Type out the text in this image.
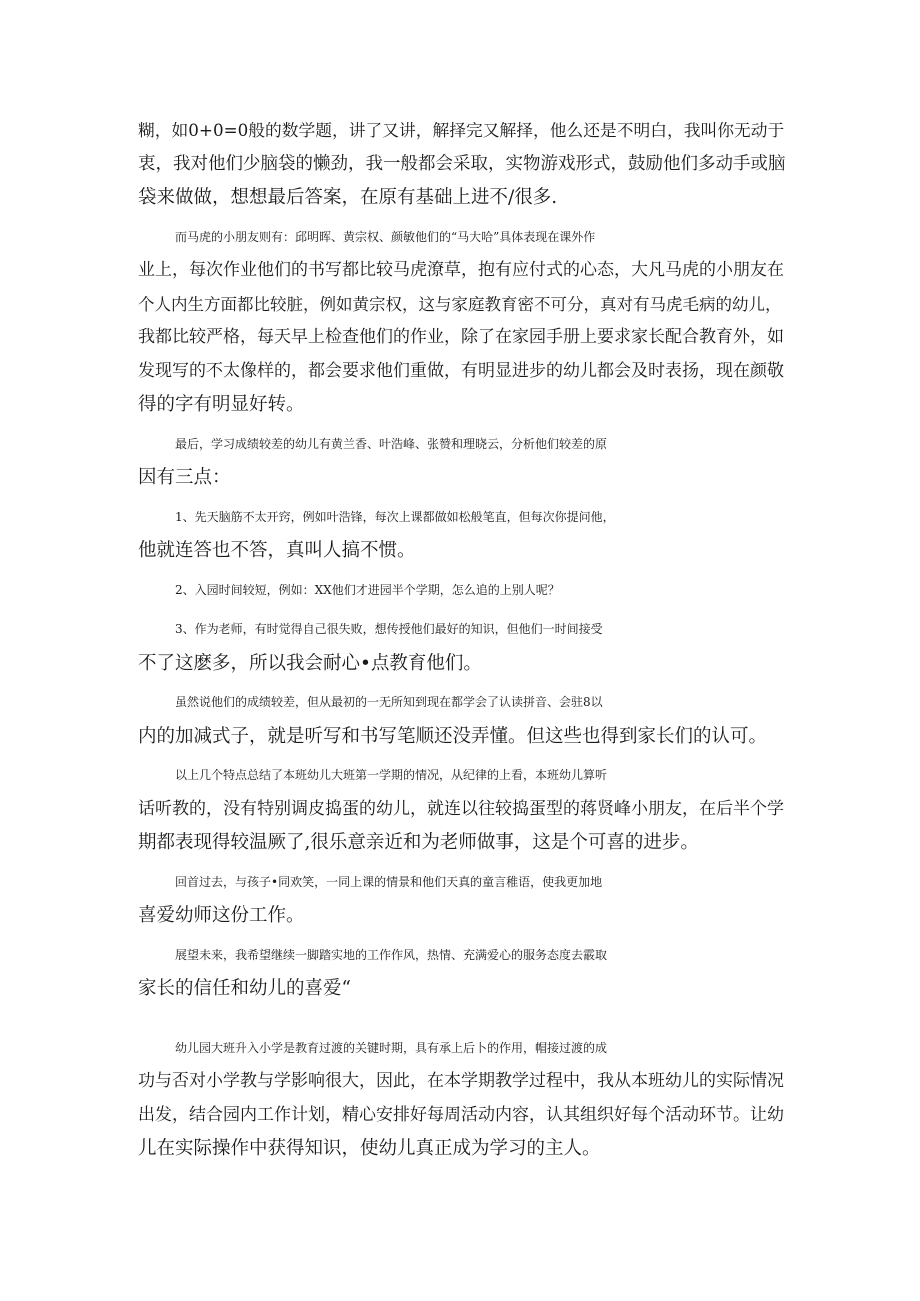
糊，如0+0=0般的数学题，讲了又讲，解择完又解择，他么还是不明白，我叫你无动于
衷，我对他们少脑袋的懒劲，我一般都会采取，实物游戏形式，鼓励他们多动手或脑
袋来做做，想想最后答案，在原有基础上进不/很多.

而马虎的小朋友则有：邱明晖、黄宗权、颜敏他们的“马大哈”具体表现在课外作
业上，每次作业他们的书写都比较马虎潦草，抱有应付式的心态，大凡马虎的小朋友在
个人内生方面都比较脏，例如黄宗权，这与家庭教育密不可分，真对有马虎毛病的幼儿，
我都比较严格，每天早上检查他们的作业，除了在家园手册上要求家长配合教育外，如
发现写的不太像样的，都会要求他们重做，有明显进步的幼儿都会及时表扬，现在颜敬
得的字有明显好转。

最后，学习成绩较差的幼儿有黄兰香、叶浩峰、张赞和理晓云，分析他们较差的原
因有三点：

1、先天脑筋不太开窍，例如叶浩锋，每次上课都做如松般笔直，但每次你提问他，
他就连答也不答，真叫人搞不惯。

2、入园时间较短，例如：XX他们才进园半个学期，怎么追的上别人呢？

3、作为老师，有时觉得自己很失败，想传授他们最好的知识，但他们一时间接受
不了这麽多，所以我会耐心•点教育他们。

虽然说他们的成绩较差，但从最初的一无所知到现在都学会了认读拼音、会驻8以
内的加减式子，就是听写和书写笔顺还没弄懂。但这些也得到家长们的认可。

以上几个特点总结了本班幼儿大班第一学期的情况，从纪律的上看，本班幼儿算听
话听教的，没有特别调皮捣蛋的幼儿，就连以往较捣蛋型的蒋贤峰小朋友，在后半个学
期都表现得较温厥了,很乐意亲近和为老师做事，这是个可喜的进步。

回首过去，与孩子•同欢笑，一同上课的情景和他们天真的童言稚语，使我更加地
喜爱幼师这份工作。

展望未来，我希望继续一脚踏实地的工作作风，热情、充满爱心的服务态度去霰取
家长的信任和幼儿的喜爱“

幼儿园大班升入小学是教育过渡的关键时期，具有承上后卜的作用，帽接过渡的成
功与否对小学教与学影响很大，因此，在本学期教学过程中，我从本班幼儿的实际情况
出发，结合园内工作计划，精心安排好每周活动内容，认其组织好每个活动环节。让幼
儿在实际操作中获得知识，使幼儿真正成为学习的主人。
